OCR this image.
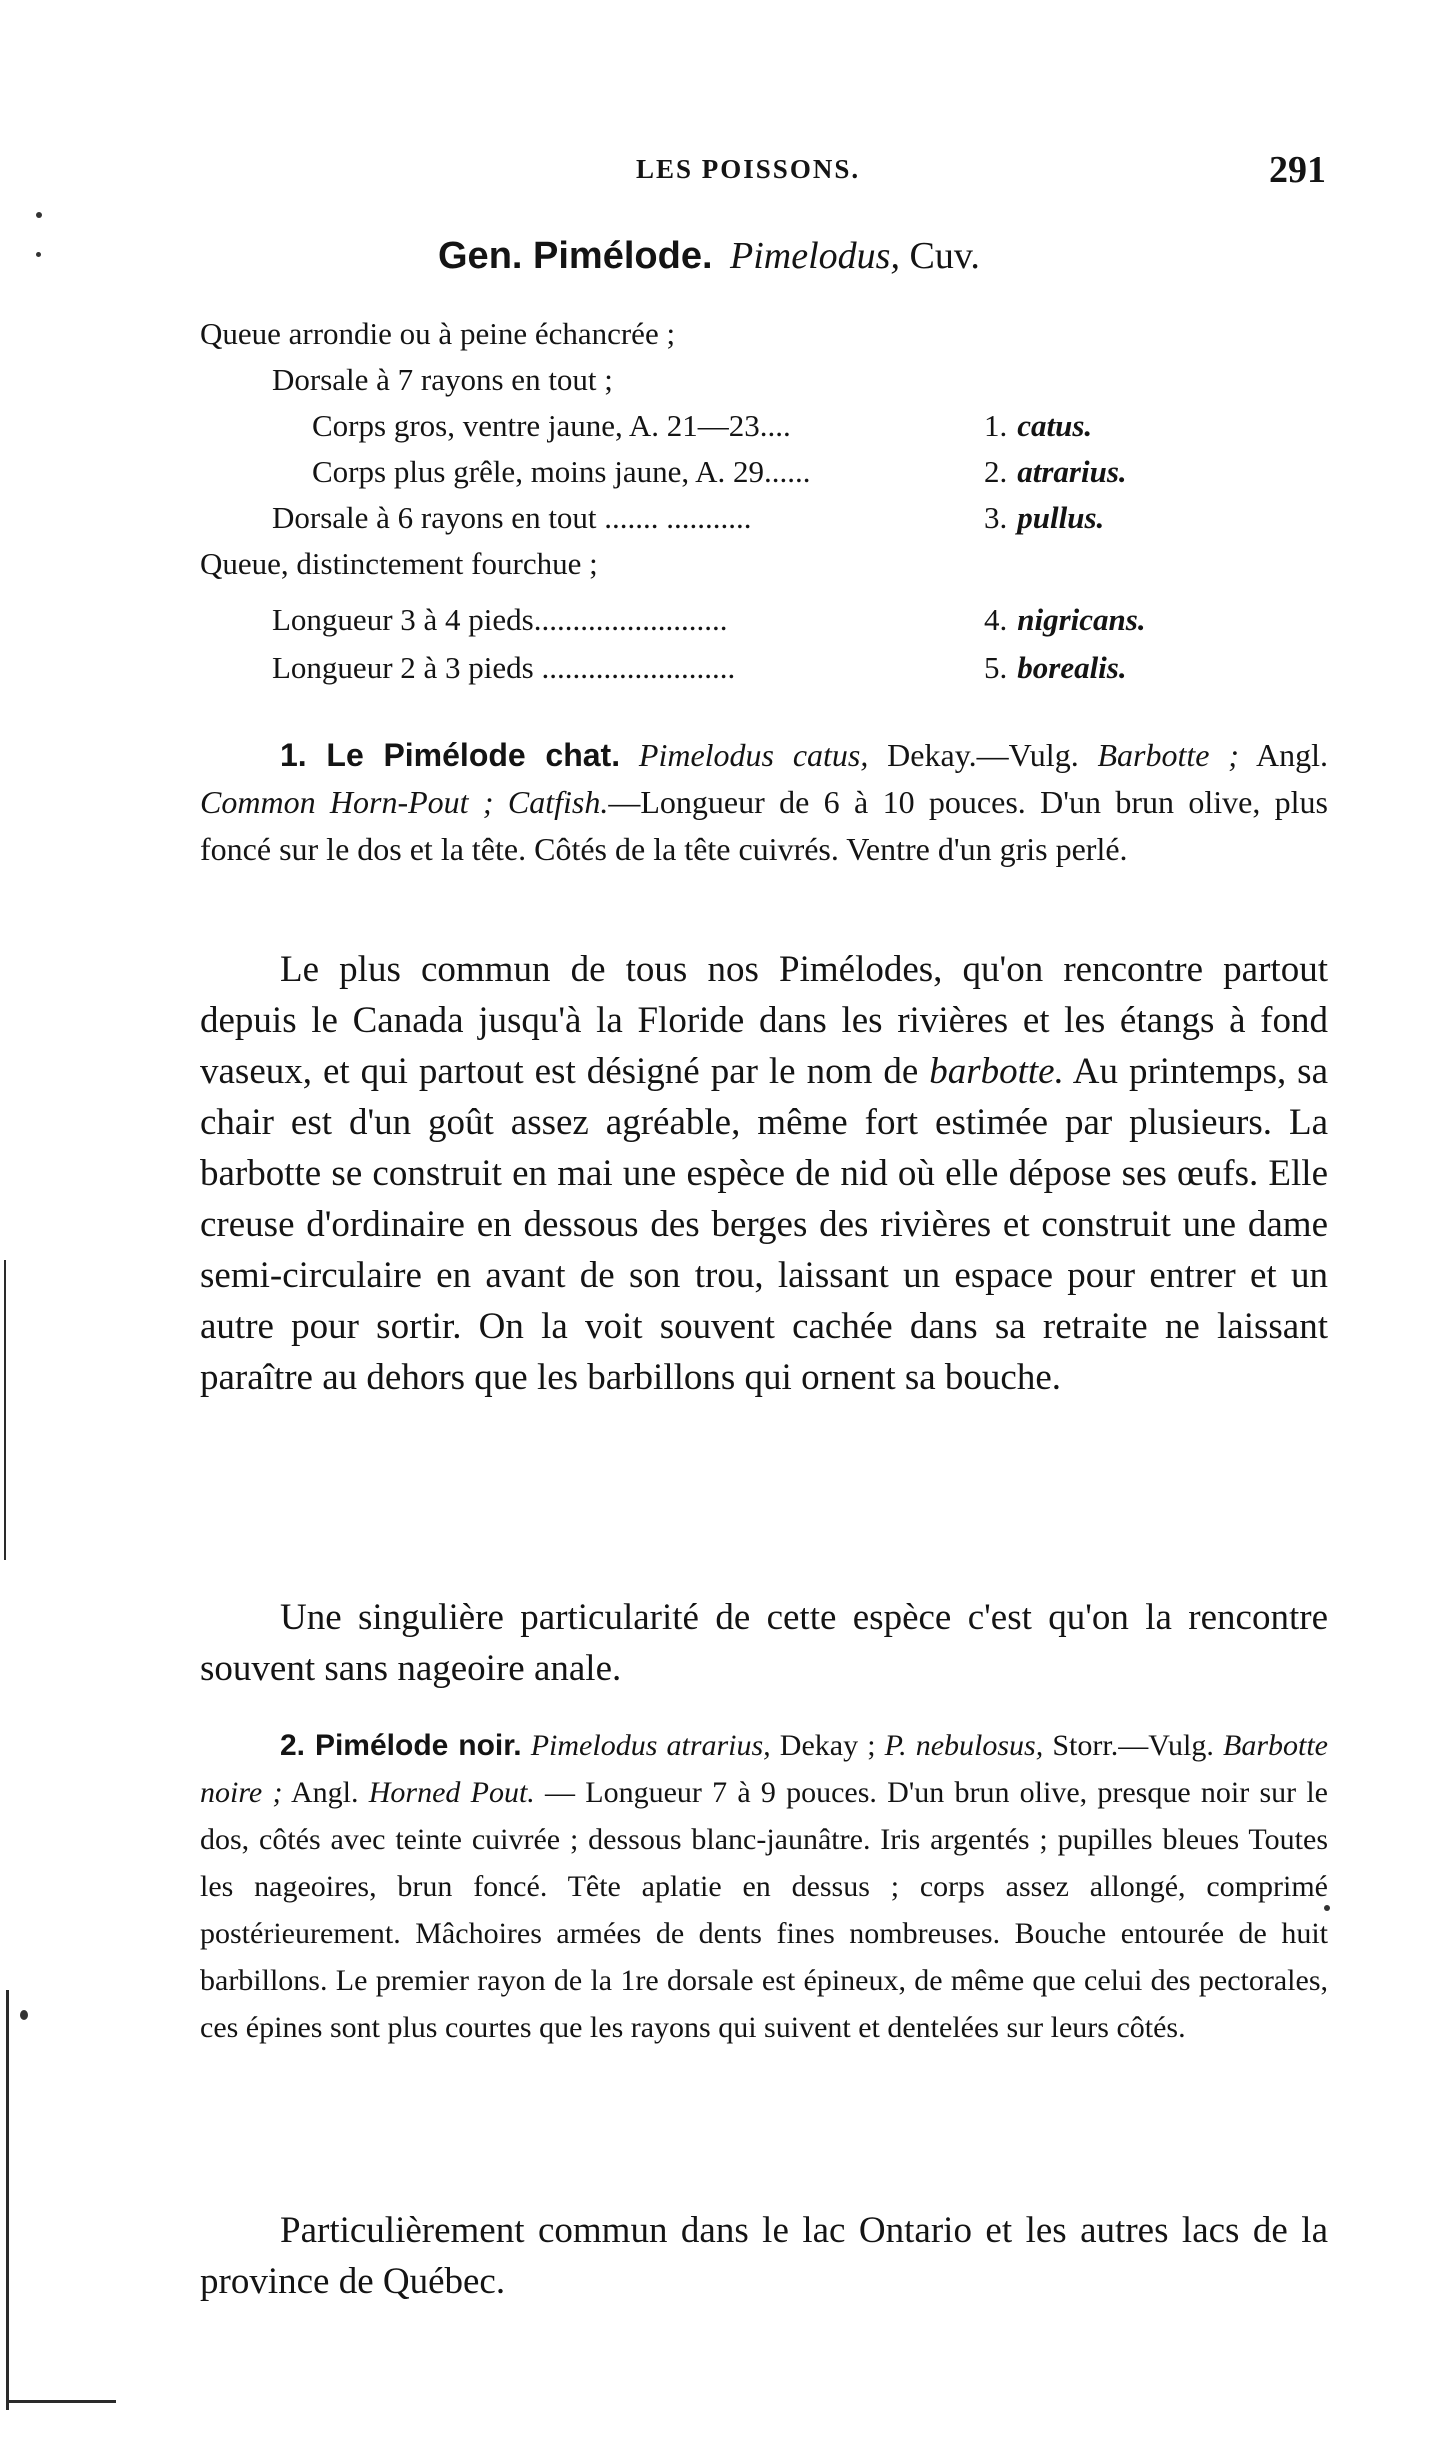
LES POISSONS.	291
Gen. Pimélode. Pimelodus, Cuv.
Queue arrondie ou à peine échancrée ;
Dorsale à 7 rayons en tout ;
Corps gros, ventre jaune, A. 21—23....	1. catus.
Corps plus grêle, moins jaune, A. 29......	2. atrarius.
Dorsale à 6 rayons en tout ....... ...........	3. pullus.
Queue, distinctement fourchue ;
Longueur 3 à 4 pieds.........................	4. nigricans.
Longueur 2 à 3 pieds .........................	5. borealis.

1. Le Pimélode chat. Pimelodus catus, Dekay.—Vulg. Barbotte ; Angl. Common Horn-Pout ; Catfish.—Longueur de 6 à 10 pouces. D'un brun olive, plus foncé sur le dos et la tête. Côtés de la tête cuivrés. Ventre d'un gris perlé.

Le plus commun de tous nos Pimélodes, qu'on rencontre partout depuis le Canada jusqu'à la Floride dans les rivières et les étangs à fond vaseux, et qui partout est désigné par le nom de barbotte. Au printemps, sa chair est d'un goût assez agréable, même fort estimée par plusieurs. La barbotte se construit en mai une espèce de nid où elle dépose ses œufs. Elle creuse d'ordinaire en dessous des berges des rivières et construit une dame semi-circulaire en avant de son trou, laissant un espace pour entrer et un autre pour sortir. On la voit souvent cachée dans sa retraite ne laissant paraître au dehors que les barbillons qui ornent sa bouche.

Une singulière particularité de cette espèce c'est qu'on la rencontre souvent sans nageoire anale.

2. Pimélode noir. Pimelodus atrarius, Dekay ; P. nebulosus, Storr.—Vulg. Barbotte noire ; Angl. Horned Pout. — Longueur 7 à 9 pouces. D'un brun olive, presque noir sur le dos, côtés avec teinte cuivrée ; dessous blanc-jaunâtre. Iris argentés ; pupilles bleues Toutes les nageoires, brun foncé. Tête aplatie en dessus ; corps assez allongé, comprimé postérieurement. Mâchoires armées de dents fines nombreuses. Bouche entourée de huit barbillons. Le premier rayon de la 1re dorsale est épineux, de même que celui des pectorales, ces épines sont plus courtes que les rayons qui suivent et dentelées sur leurs côtés.

Particulièrement commun dans le lac Ontario et les autres lacs de la province de Québec.
